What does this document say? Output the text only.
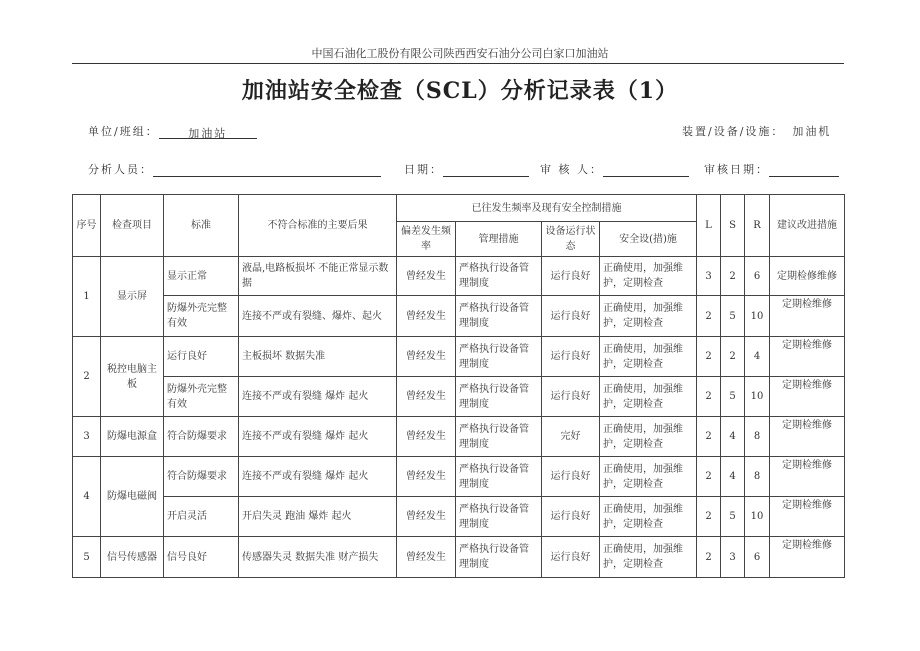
中国石油化工股份有限公司陕西西安石油分公司白家口加油站
加油站安全检查（SCL）分析记录表（1）
单位/班组：	加油站	装置/设备/设施： 加油机
分析人员：	日期：	审 核 人：	审核日期：
序号	检查项目	标准	不符合标准的主要后果	已往发生频率及现有安全控制措施				L	S	R	建议改进措施
				偏差发生频率	管理措施	设备运行状态	安全设(措)施				
1	显示屏	显示正常	液晶,电路板损坏 不能正常显示数据	曾经发生	严格执行设备管理制度	运行良好	正确使用，加强维护，定期检查	3	2	6	定期检修维修
		防爆外壳完整有效	连接不严或有裂缝、爆炸、起火	曾经发生	严格执行设备管理制度	运行良好	正确使用，加强维护，定期检查	2	5	10	定期检维修
2	税控电脑主板	运行良好	主板损坏 数据失准	曾经发生	严格执行设备管理制度	运行良好	正确使用，加强维护，定期检查	2	2	4	定期检维修
		防爆外壳完整有效	连接不严或有裂缝 爆炸 起火	曾经发生	严格执行设备管理制度	运行良好	正确使用，加强维护，定期检查	2	5	10	定期检维修
3	防爆电源盒	符合防爆要求	连接不严或有裂缝 爆炸 起火	曾经发生	严格执行设备管理制度	完好	正确使用，加强维护，定期检查	2	4	8	定期检维修
4	防爆电磁阀	符合防爆要求	连接不严或有裂缝 爆炸 起火	曾经发生	严格执行设备管理制度	运行良好	正确使用，加强维护，定期检查	2	4	8	定期检维修
		开启灵活	开启失灵 跑油 爆炸 起火	曾经发生	严格执行设备管理制度	运行良好	正确使用，加强维护，定期检查	2	5	10	定期检维修
5	信号传感器	信号良好	传感器失灵 数据失准 财产损失	曾经发生	严格执行设备管理制度	运行良好	正确使用，加强维护，定期检查	2	3	6	定期检维修
